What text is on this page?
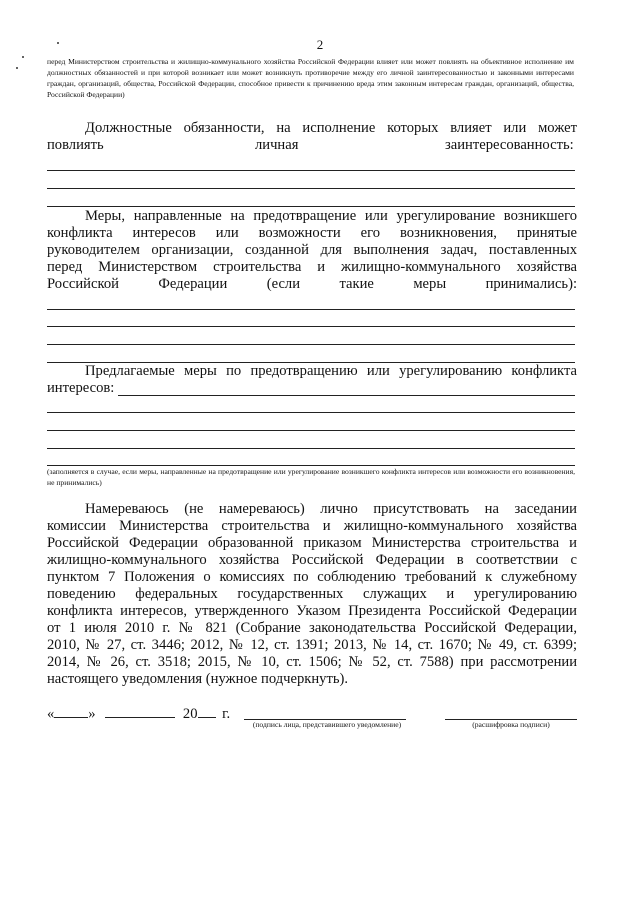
2
перед Министерством строительства и жилищно-коммунального хозяйства Российской Федерации влияет или может повлиять на объективное исполнение им должностных обязанностей и при которой возникает или может возникнуть противоречие между его личной заинтересованностью и законными интересами граждан, организаций, общества, Российской Федерации, способное привести к причинению вреда этим законным интересам граждан, организаций, общества, Российской Федерации)
Должностные обязанности, на исполнение которых влияет или может
повлиять	личная	заинтересованность:
Меры, направленные на предотвращение или урегулирование возникшего
конфликта интересов или возможности его возникновения, принятые
руководителем организации, созданной для выполнения задач, поставленных
перед Министерством строительства и жилищно-коммунального хозяйства
Российской Федерации (если такие меры принимались):
Предлагаемые меры по предотвращению или урегулированию конфликта
интересов:
(заполняется в случае, если меры, направленные на предотвращение или урегулирование возникшего конфликта интересов или возможности его возникновения, не принимались)
Намереваюсь (не намереваюсь) лично присутствовать на заседании
комиссии Министерства строительства и жилищно-коммунального хозяйства
Российской Федерации образованной приказом Министерства строительства и
жилищно-коммунального хозяйства Российской Федерации в соответствии с
пунктом 7 Положения о комиссиях по соблюдению требований к служебному
поведению федеральных государственных служащих и урегулированию
конфликта интересов, утвержденного Указом Президента Российской Федерации
от 1 июля 2010 г. № 821 (Собрание законодательства Российской Федерации,
2010, № 27, ст. 3446; 2012, № 12, ст. 1391; 2013, № 14, ст. 1670; № 49, ст. 6399;
2014, № 26, ст. 3518; 2015, № 10, ст. 1506; № 52, ст. 7588) при рассмотрении
настоящего уведомления (нужное подчеркнуть).
« »	20 г.
(подпись лица, представившего уведомление)	(расшифровка подписи)
